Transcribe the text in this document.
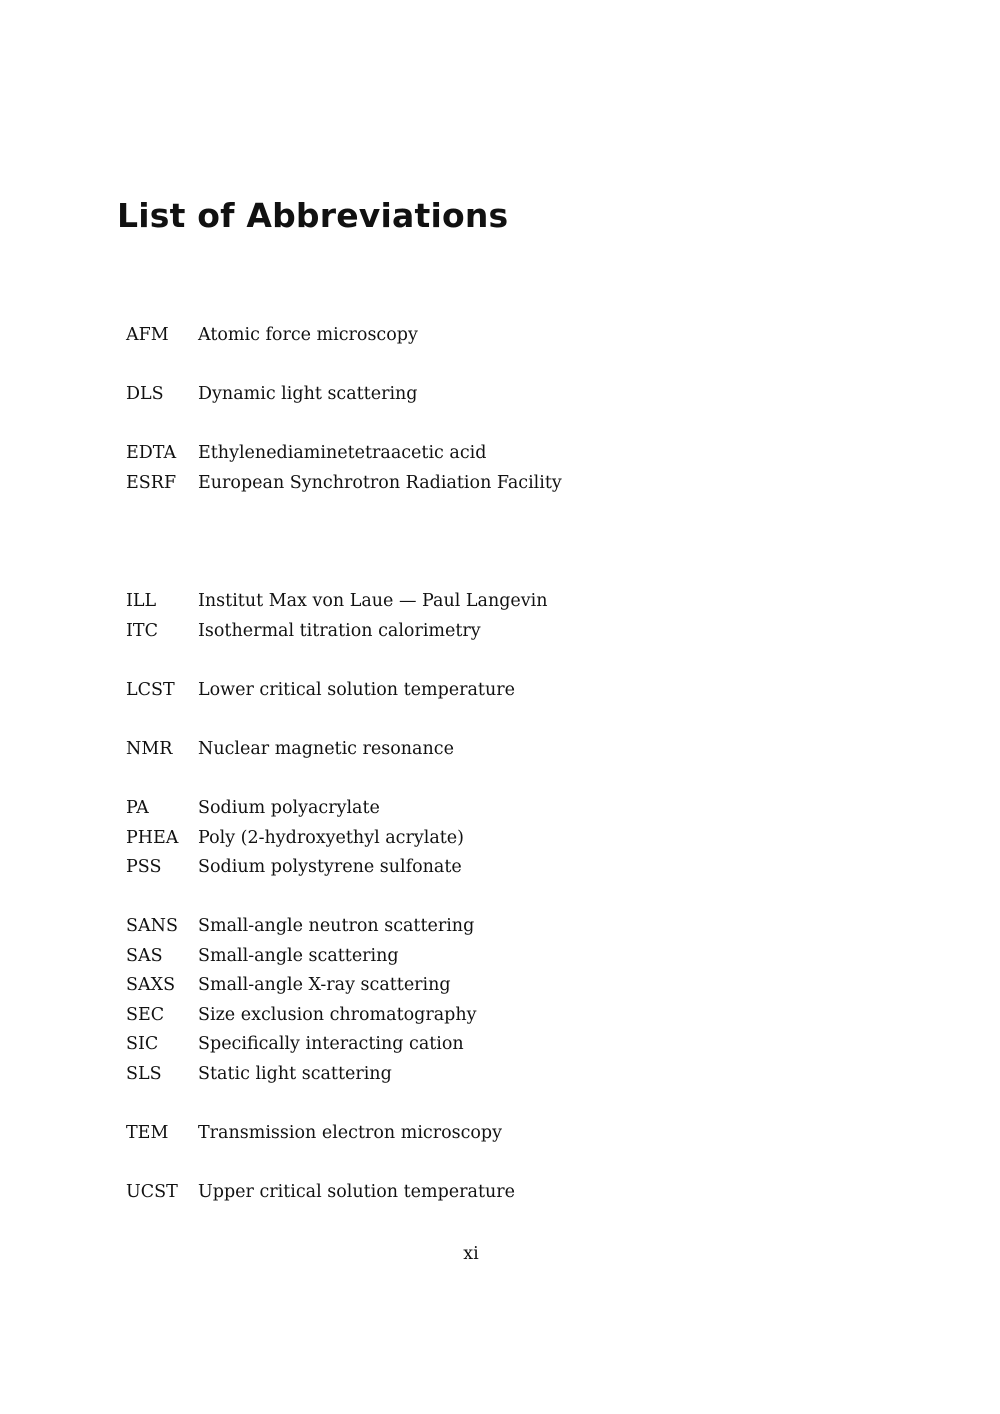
List of Abbreviations
AFM Atomic force microscopy
DLS Dynamic light scattering
EDTA Ethylenediaminetetraacetic acid
ESRF European Synchrotron Radiation Facility
ILL Institut Max von Laue — Paul Langevin
ITC Isothermal titration calorimetry
LCST Lower critical solution temperature
NMR Nuclear magnetic resonance
PA	Sodium polyacrylate
PHEA Poly (2-hydroxyethyl acrylate)
PSS Sodium polystyrene sulfonate
SANS Small-angle neutron scattering
SAS Small-angle scattering
SAXS Small-angle X-ray scattering
SEC Size exclusion chromatography
SIC Specifically interacting cation
SLS Static light scattering
TEM Transmission electron microscopy
UCST Upper critical solution temperature
xi
